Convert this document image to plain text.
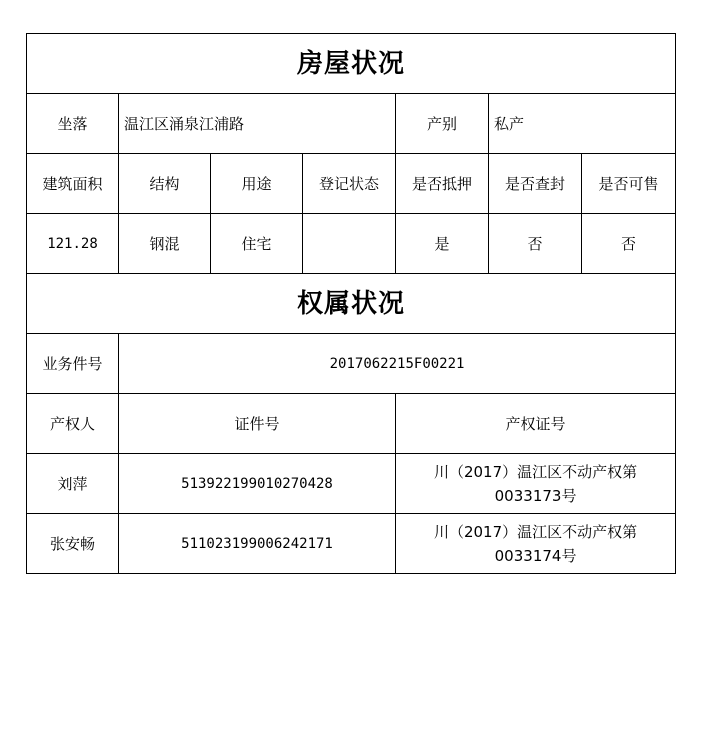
房屋状况						
坐落	温江区涌泉江浦路			产别	私产	
建筑面积	结构	用途	登记状态	是否抵押	是否查封	是否可售
121.28	钢混	住宅		是	否	否
权属状况						
业务件号	2017062215F00221					
产权人	证件号			产权证号		
刘萍	513922199010270428			川（2017）温江区不动产权第0033173号		
张安畅	511023199006242171			川（2017）温江区不动产权第0033174号		
